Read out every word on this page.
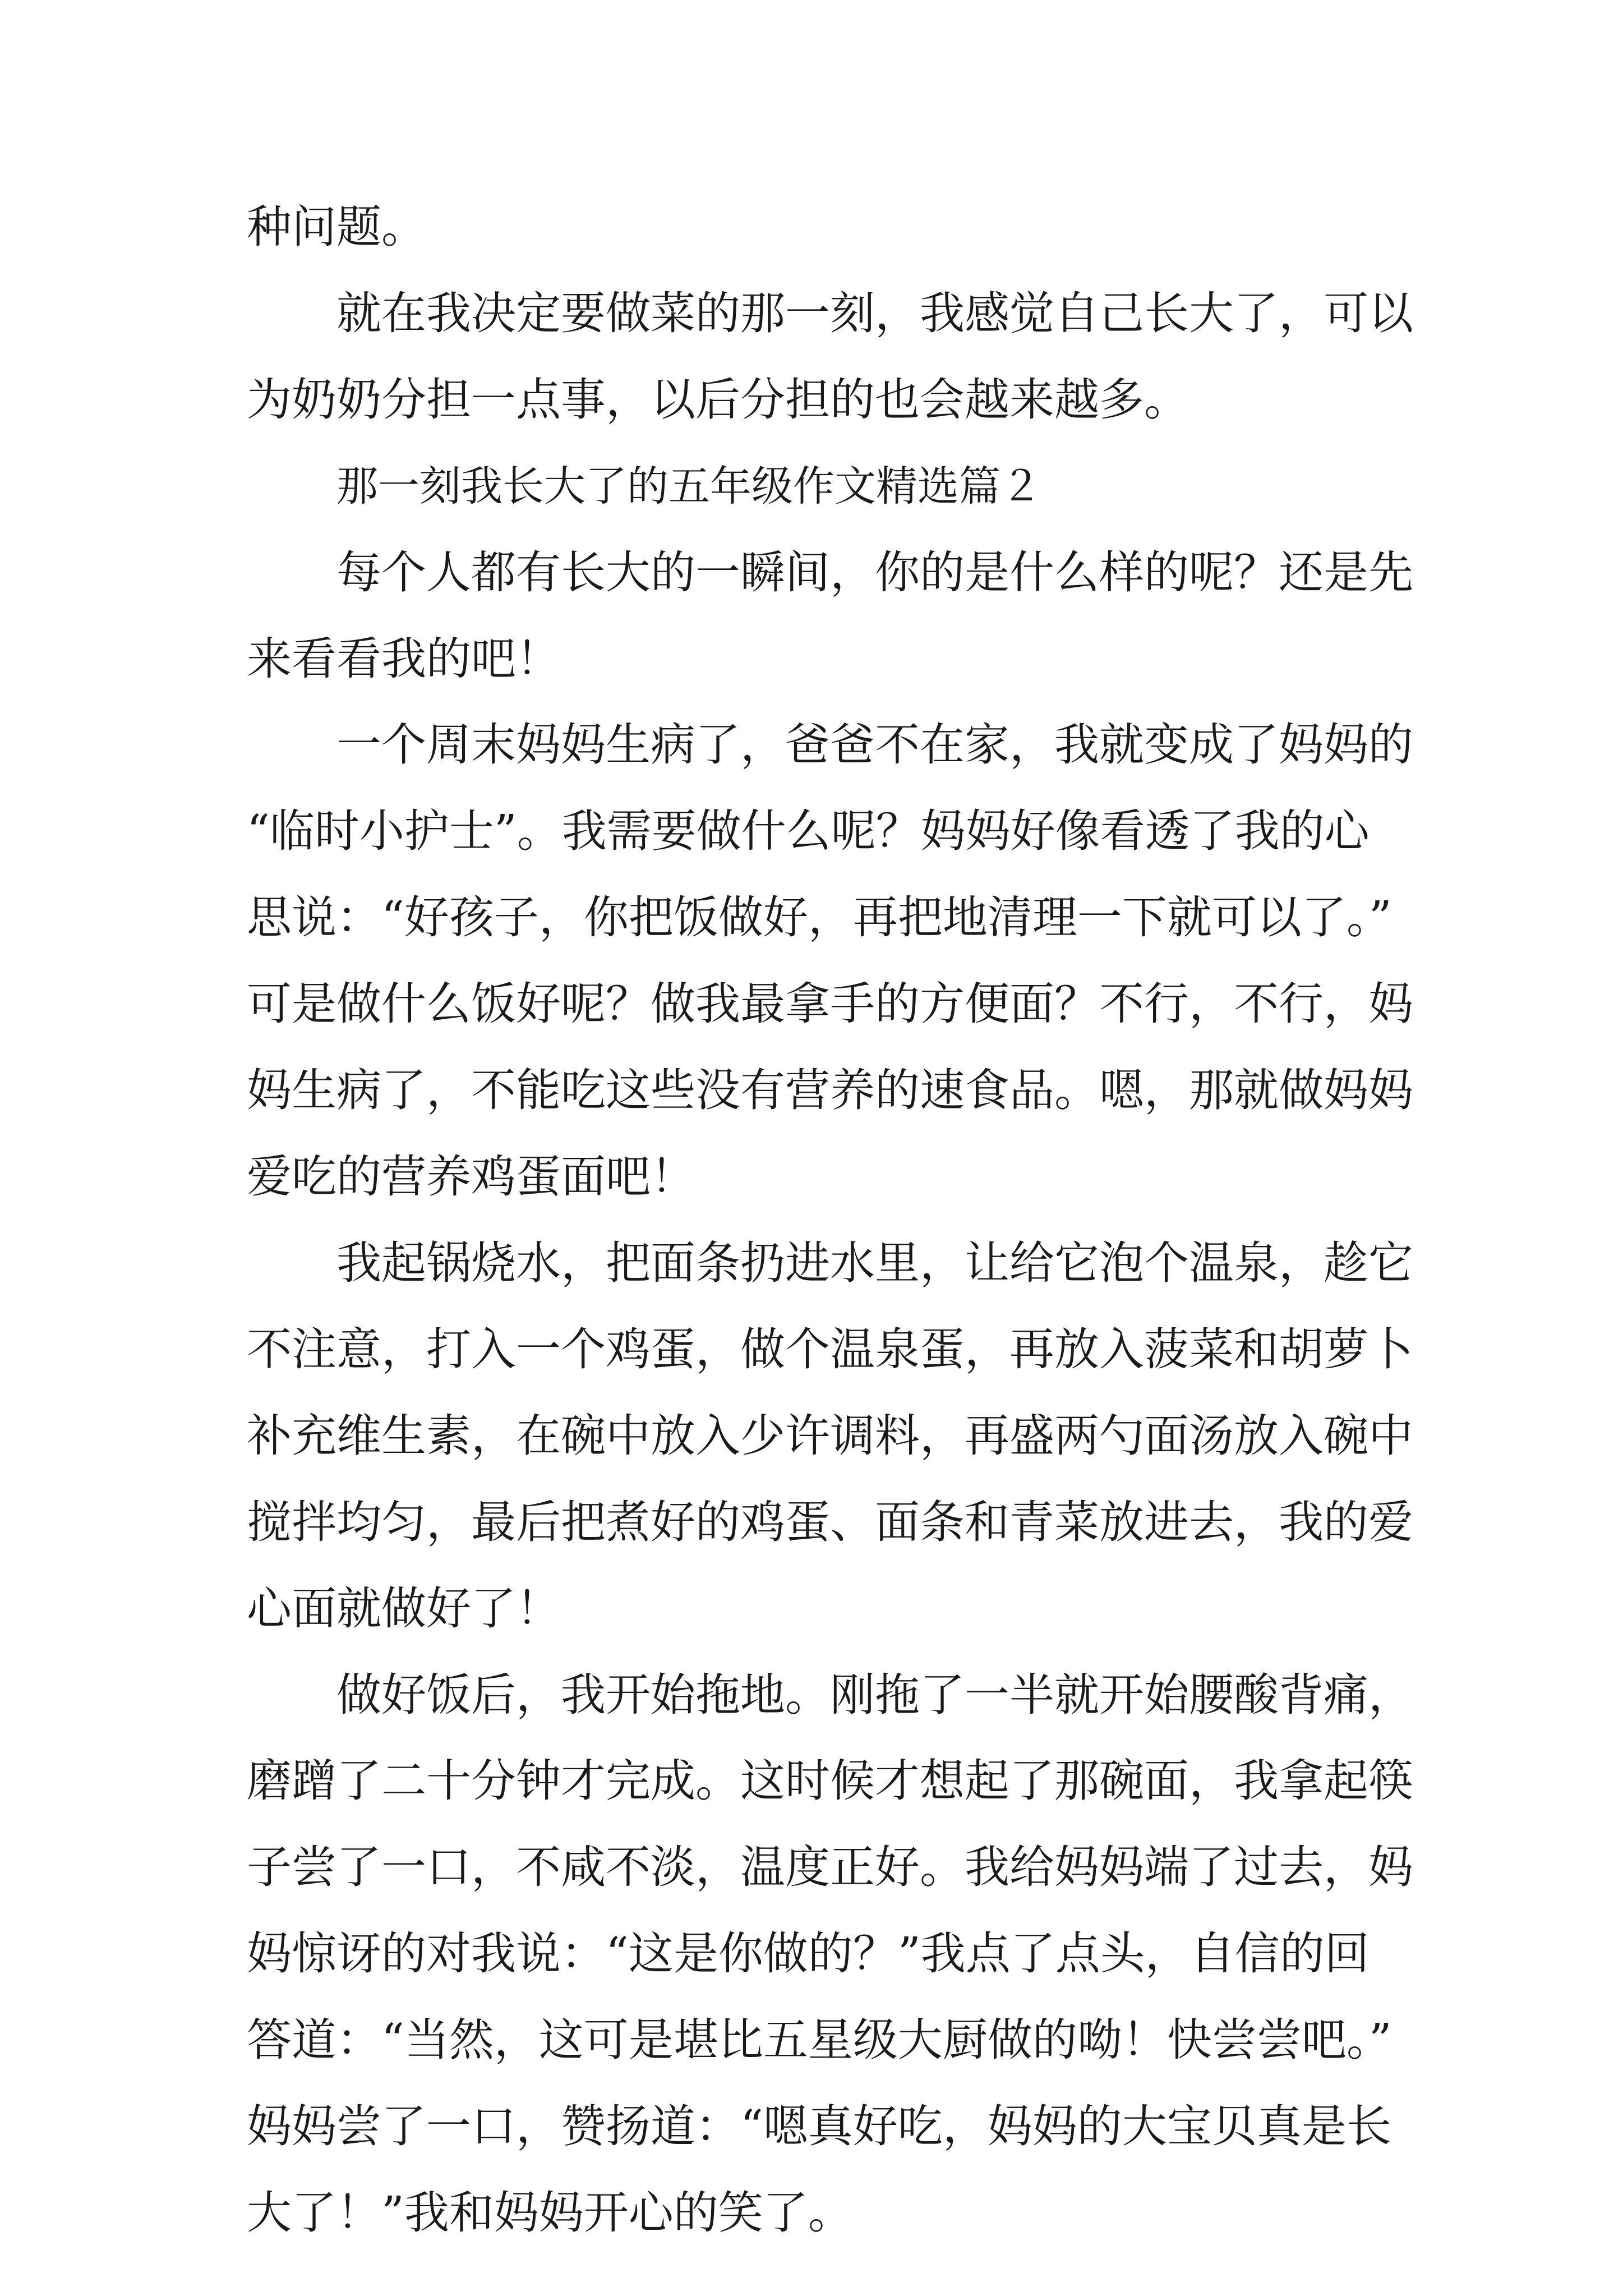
种问题。
就在我决定要做菜的那一刻，我感觉自己长大了，可以
为奶奶分担一点事，以后分担的也会越来越多。
那一刻我长大了的五年级作文精选篇２
每个人都有长大的一瞬间，你的是什么样的呢？还是先
来看看我的吧！
一个周末妈妈生病了，爸爸不在家，我就变成了妈妈的
“临时小护士”。我需要做什么呢？妈妈好像看透了我的心
思说：“好孩子，你把饭做好，再把地清理一下就可以了。”
可是做什么饭好呢？做我最拿手的方便面？不行，不行，妈
妈生病了，不能吃这些没有营养的速食品。嗯，那就做妈妈
爱吃的营养鸡蛋面吧！
我起锅烧水，把面条扔进水里，让给它泡个温泉，趁它
不注意，打入一个鸡蛋，做个温泉蛋，再放入菠菜和胡萝卜
补充维生素，在碗中放入少许调料，再盛两勺面汤放入碗中
搅拌均匀，最后把煮好的鸡蛋、面条和青菜放进去，我的爱
心面就做好了！
做好饭后，我开始拖地。刚拖了一半就开始腰酸背痛，
磨蹭了二十分钟才完成。这时候才想起了那碗面，我拿起筷
子尝了一口，不咸不淡，温度正好。我给妈妈端了过去，妈
妈惊讶的对我说：“这是你做的？”我点了点头，自信的回
答道：“当然，这可是堪比五星级大厨做的呦！快尝尝吧。”
妈妈尝了一口，赞扬道：“嗯真好吃，妈妈的大宝贝真是长
大了！”我和妈妈开心的笑了。
